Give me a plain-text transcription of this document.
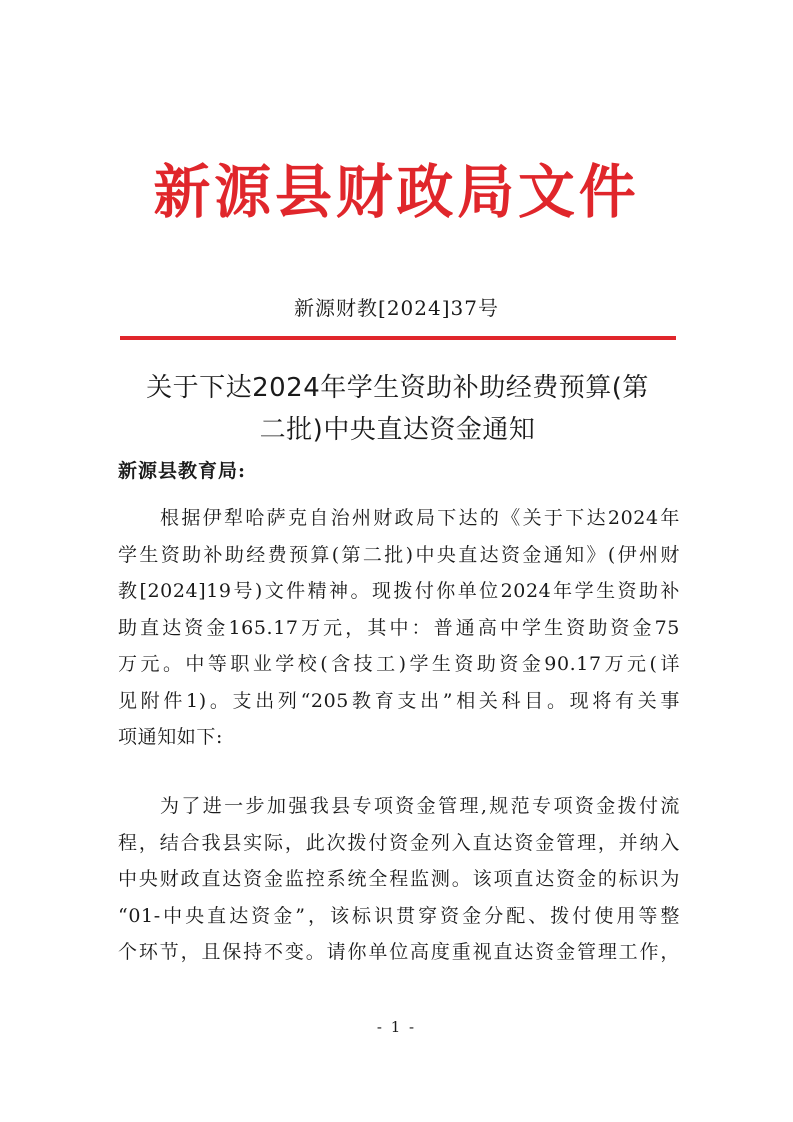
新源县财政局文件
新源财教[2024]37号
关于下达2024年学生资助补助经费预算(第
二批)中央直达资金通知
新源县教育局:
根据伊犁哈萨克自治州财政局下达的《关于下达2024年
学生资助补助经费预算(第二批)中央直达资金通知》(伊州财
教[2024]19号)文件精神。现拨付你单位2024年学生资助补
助直达资金165.17万元，其中：普通高中学生资助资金75
万元。中等职业学校(含技工)学生资助资金90.17万元(详
见附件1)。支出列“205教育支出”相关科目。现将有关事
项通知如下:
为了进一步加强我县专项资金管理,规范专项资金拨付流
程，结合我县实际，此次拨付资金列入直达资金管理，并纳入
中央财政直达资金监控系统全程监测。该项直达资金的标识为
“01-中央直达资金”，该标识贯穿资金分配、拨付使用等整
个环节，且保持不变。请你单位高度重视直达资金管理工作，
- 1 -
